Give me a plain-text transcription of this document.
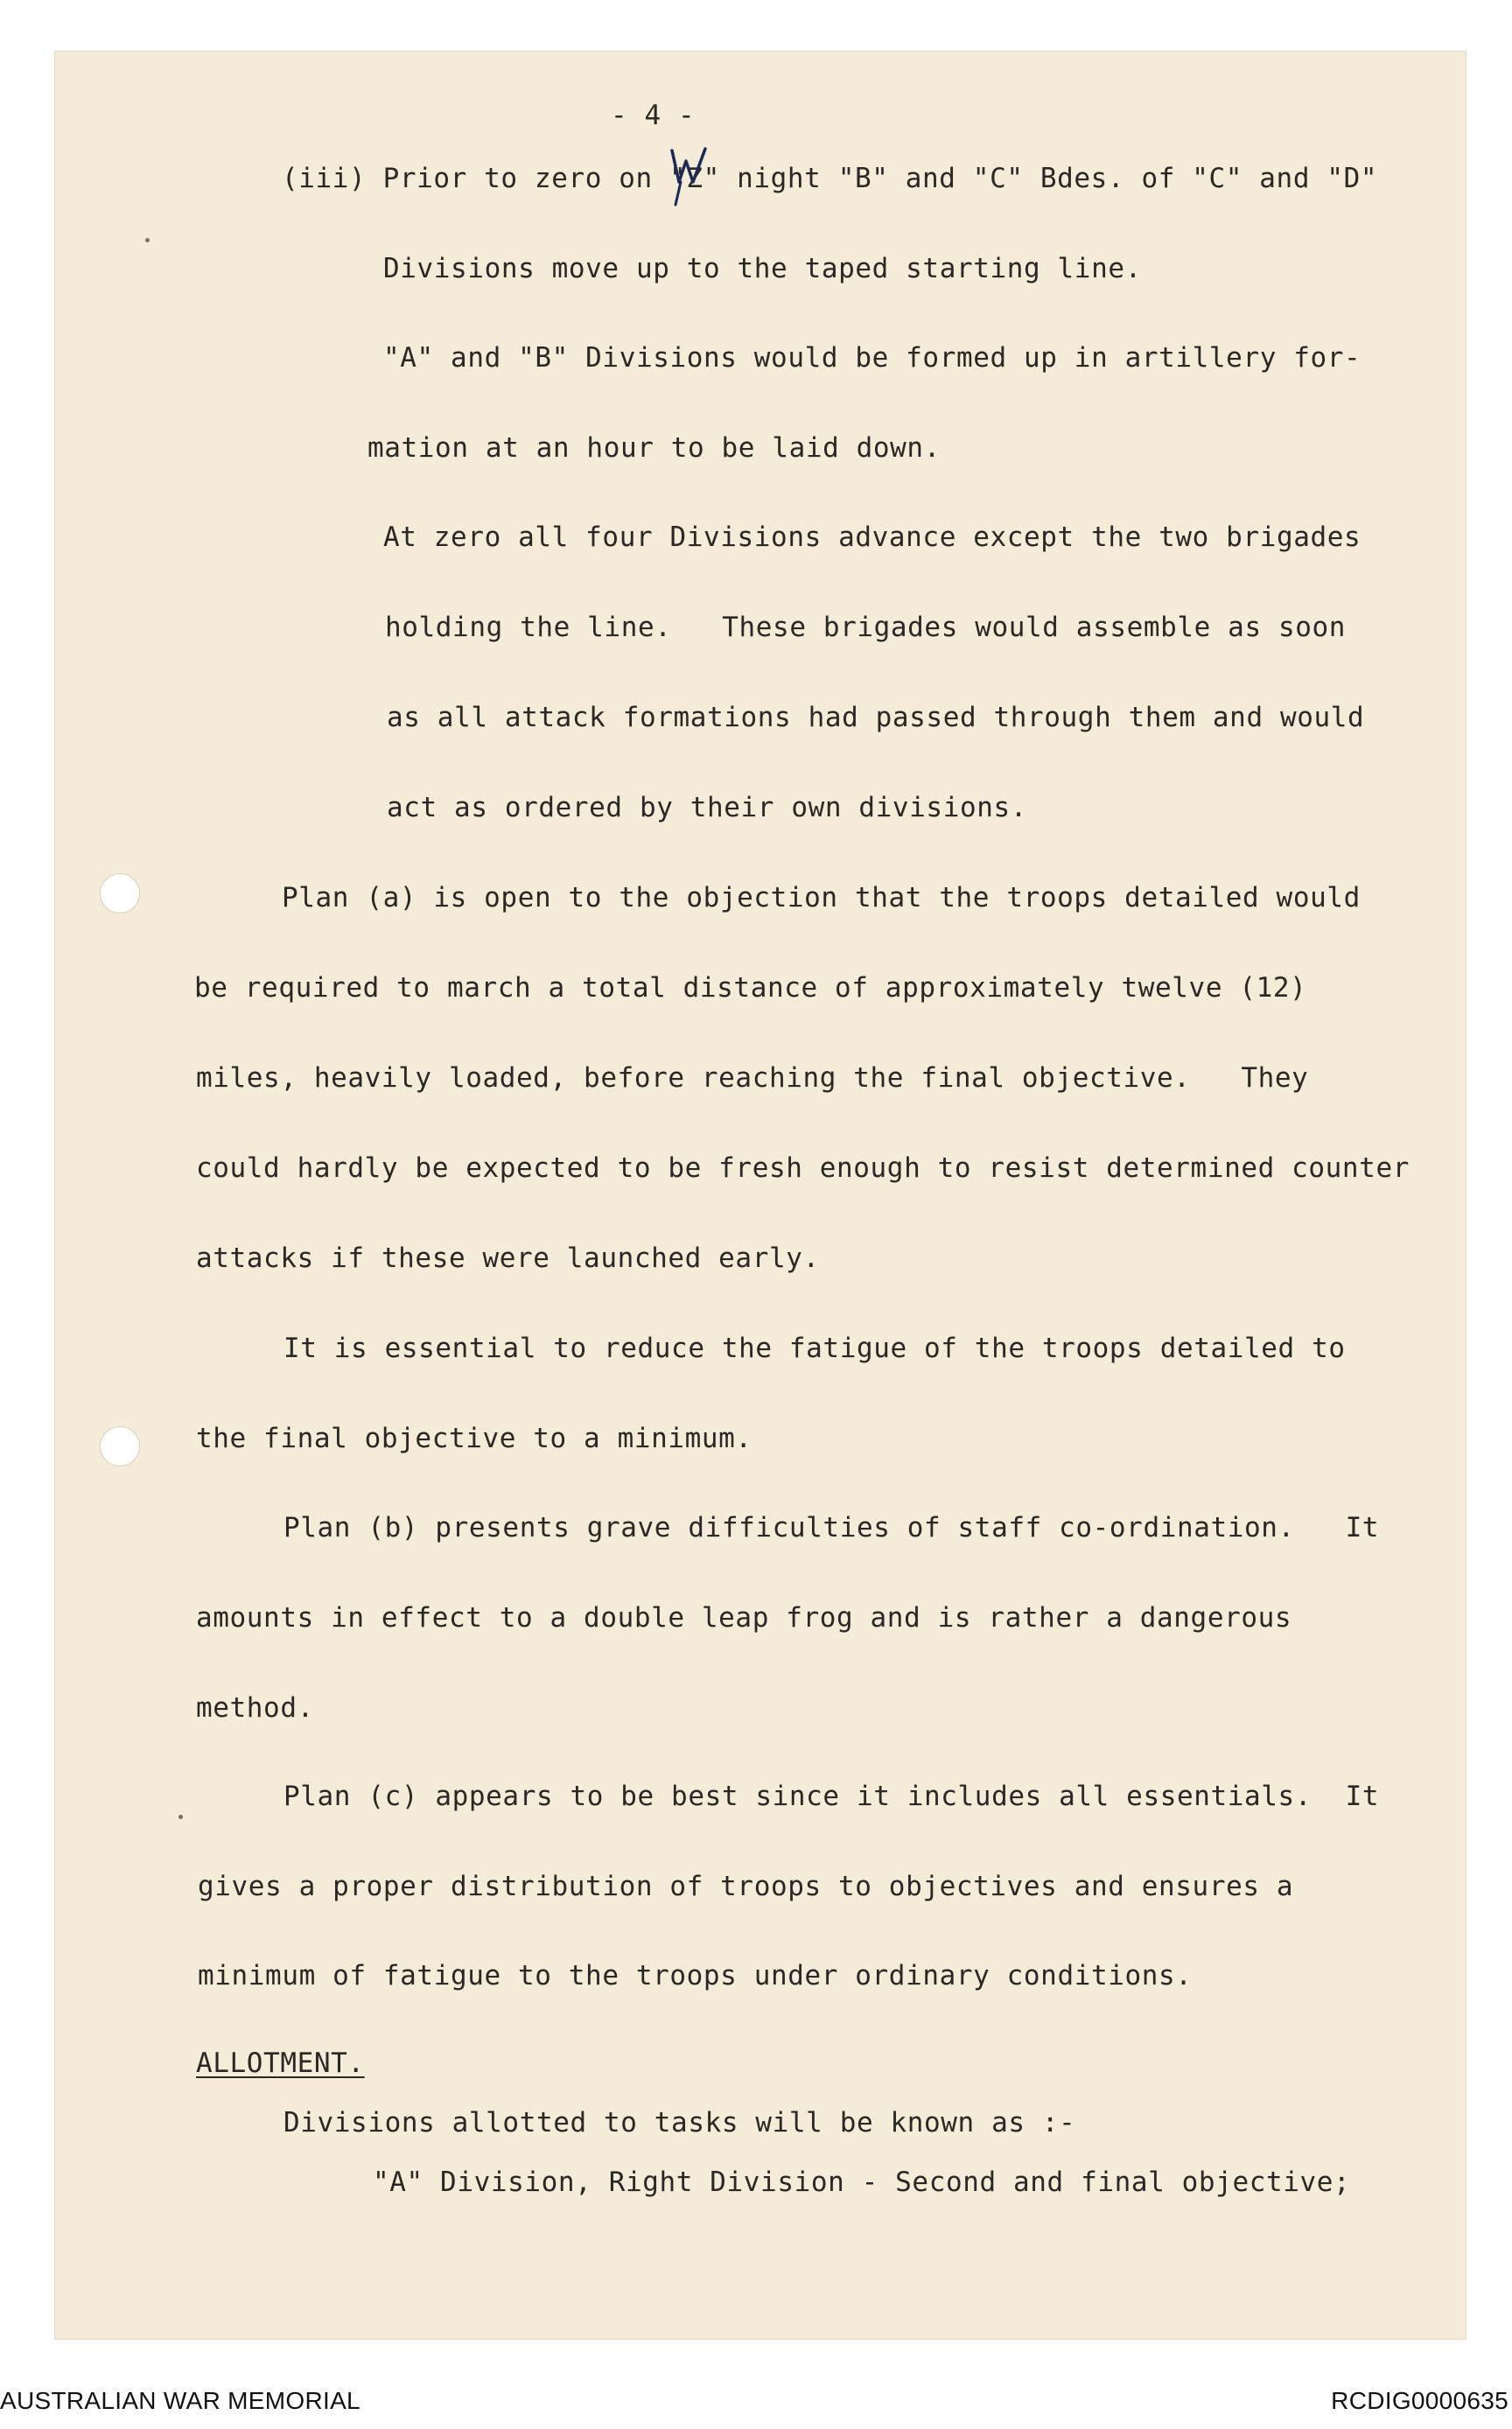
- 4 -
(iii) Prior to zero on "Z" night "B" and "C" Bdes. of "C" and "D"
Divisions move up to the taped starting line.
"A" and "B" Divisions would be formed up in artillery for-
mation at an hour to be laid down.
At zero all four Divisions advance except the two brigades
holding the line.   These brigades would assemble as soon
as all attack formations had passed through them and would
act as ordered by their own divisions.
Plan (a) is open to the objection that the troops detailed would
be required to march a total distance of approximately twelve (12)
miles, heavily loaded, before reaching the final objective.   They
could hardly be expected to be fresh enough to resist determined counter
attacks if these were launched early.
It is essential to reduce the fatigue of the troops detailed to
the final objective to a minimum.
Plan (b) presents grave difficulties of staff co-ordination.   It
amounts in effect to a double leap frog and is rather a dangerous
method.
Plan (c) appears to be best since it includes all essentials.  It
gives a proper distribution of troops to objectives and ensures a
minimum of fatigue to the troops under ordinary conditions.
ALLOTMENT.
Divisions allotted to tasks will be known as :-
"A" Division, Right Division - Second and final objective;
AUSTRALIAN WAR MEMORIAL	RCDIG0000635
